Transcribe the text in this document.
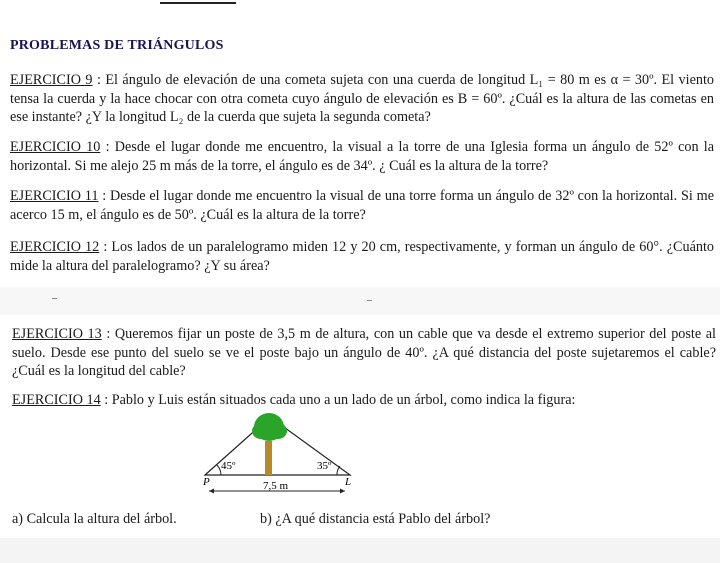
PROBLEMAS DE TRIÁNGULOS
EJERCICIO 9 : El ángulo de elevación de una cometa sujeta con una cuerda de longitud L₁ = 80 m es α = 30º. El viento tensa la cuerda y la hace chocar con otra cometa cuyo ángulo de elevación es B = 60º. ¿Cuál es la altura de las cometas en ese instante? ¿Y la longitud L₂ de la cuerda que sujeta la segunda cometa?
EJERCICIO 10 : Desde el lugar donde me encuentro, la visual a la torre de una Iglesia forma un ángulo de 52º con la horizontal. Si me alejo 25 m más de la torre, el ángulo es de 34º. ¿ Cuál es la altura de la torre?
EJERCICIO 11 : Desde el lugar donde me encuentro la visual de una torre forma un ángulo de 32º con la horizontal. Si me acerco 15 m, el ángulo es de 50º. ¿Cuál es la altura de la torre?
EJERCICIO 12 : Los lados de un paralelogramo miden 12 y 20 cm, respectivamente, y forman un ángulo de 60°. ¿Cuánto mide la altura del paralelogramo? ¿Y su área?
EJERCICIO 13 : Queremos fijar un poste de 3,5 m de altura, con un cable que va desde el extremo superior del poste al suelo. Desde ese punto del suelo se ve el poste bajo un ángulo de 40º. ¿A qué distancia del poste sujetaremos el cable? ¿Cuál es la longitud del cable?
EJERCICIO 14 : Pablo y Luis están situados cada uno a un lado de un árbol, como indica la figura:
45º	35º
P	L
7,5 m
a) Calcula la altura del árbol.	b) ¿A qué distancia está Pablo del árbol?
